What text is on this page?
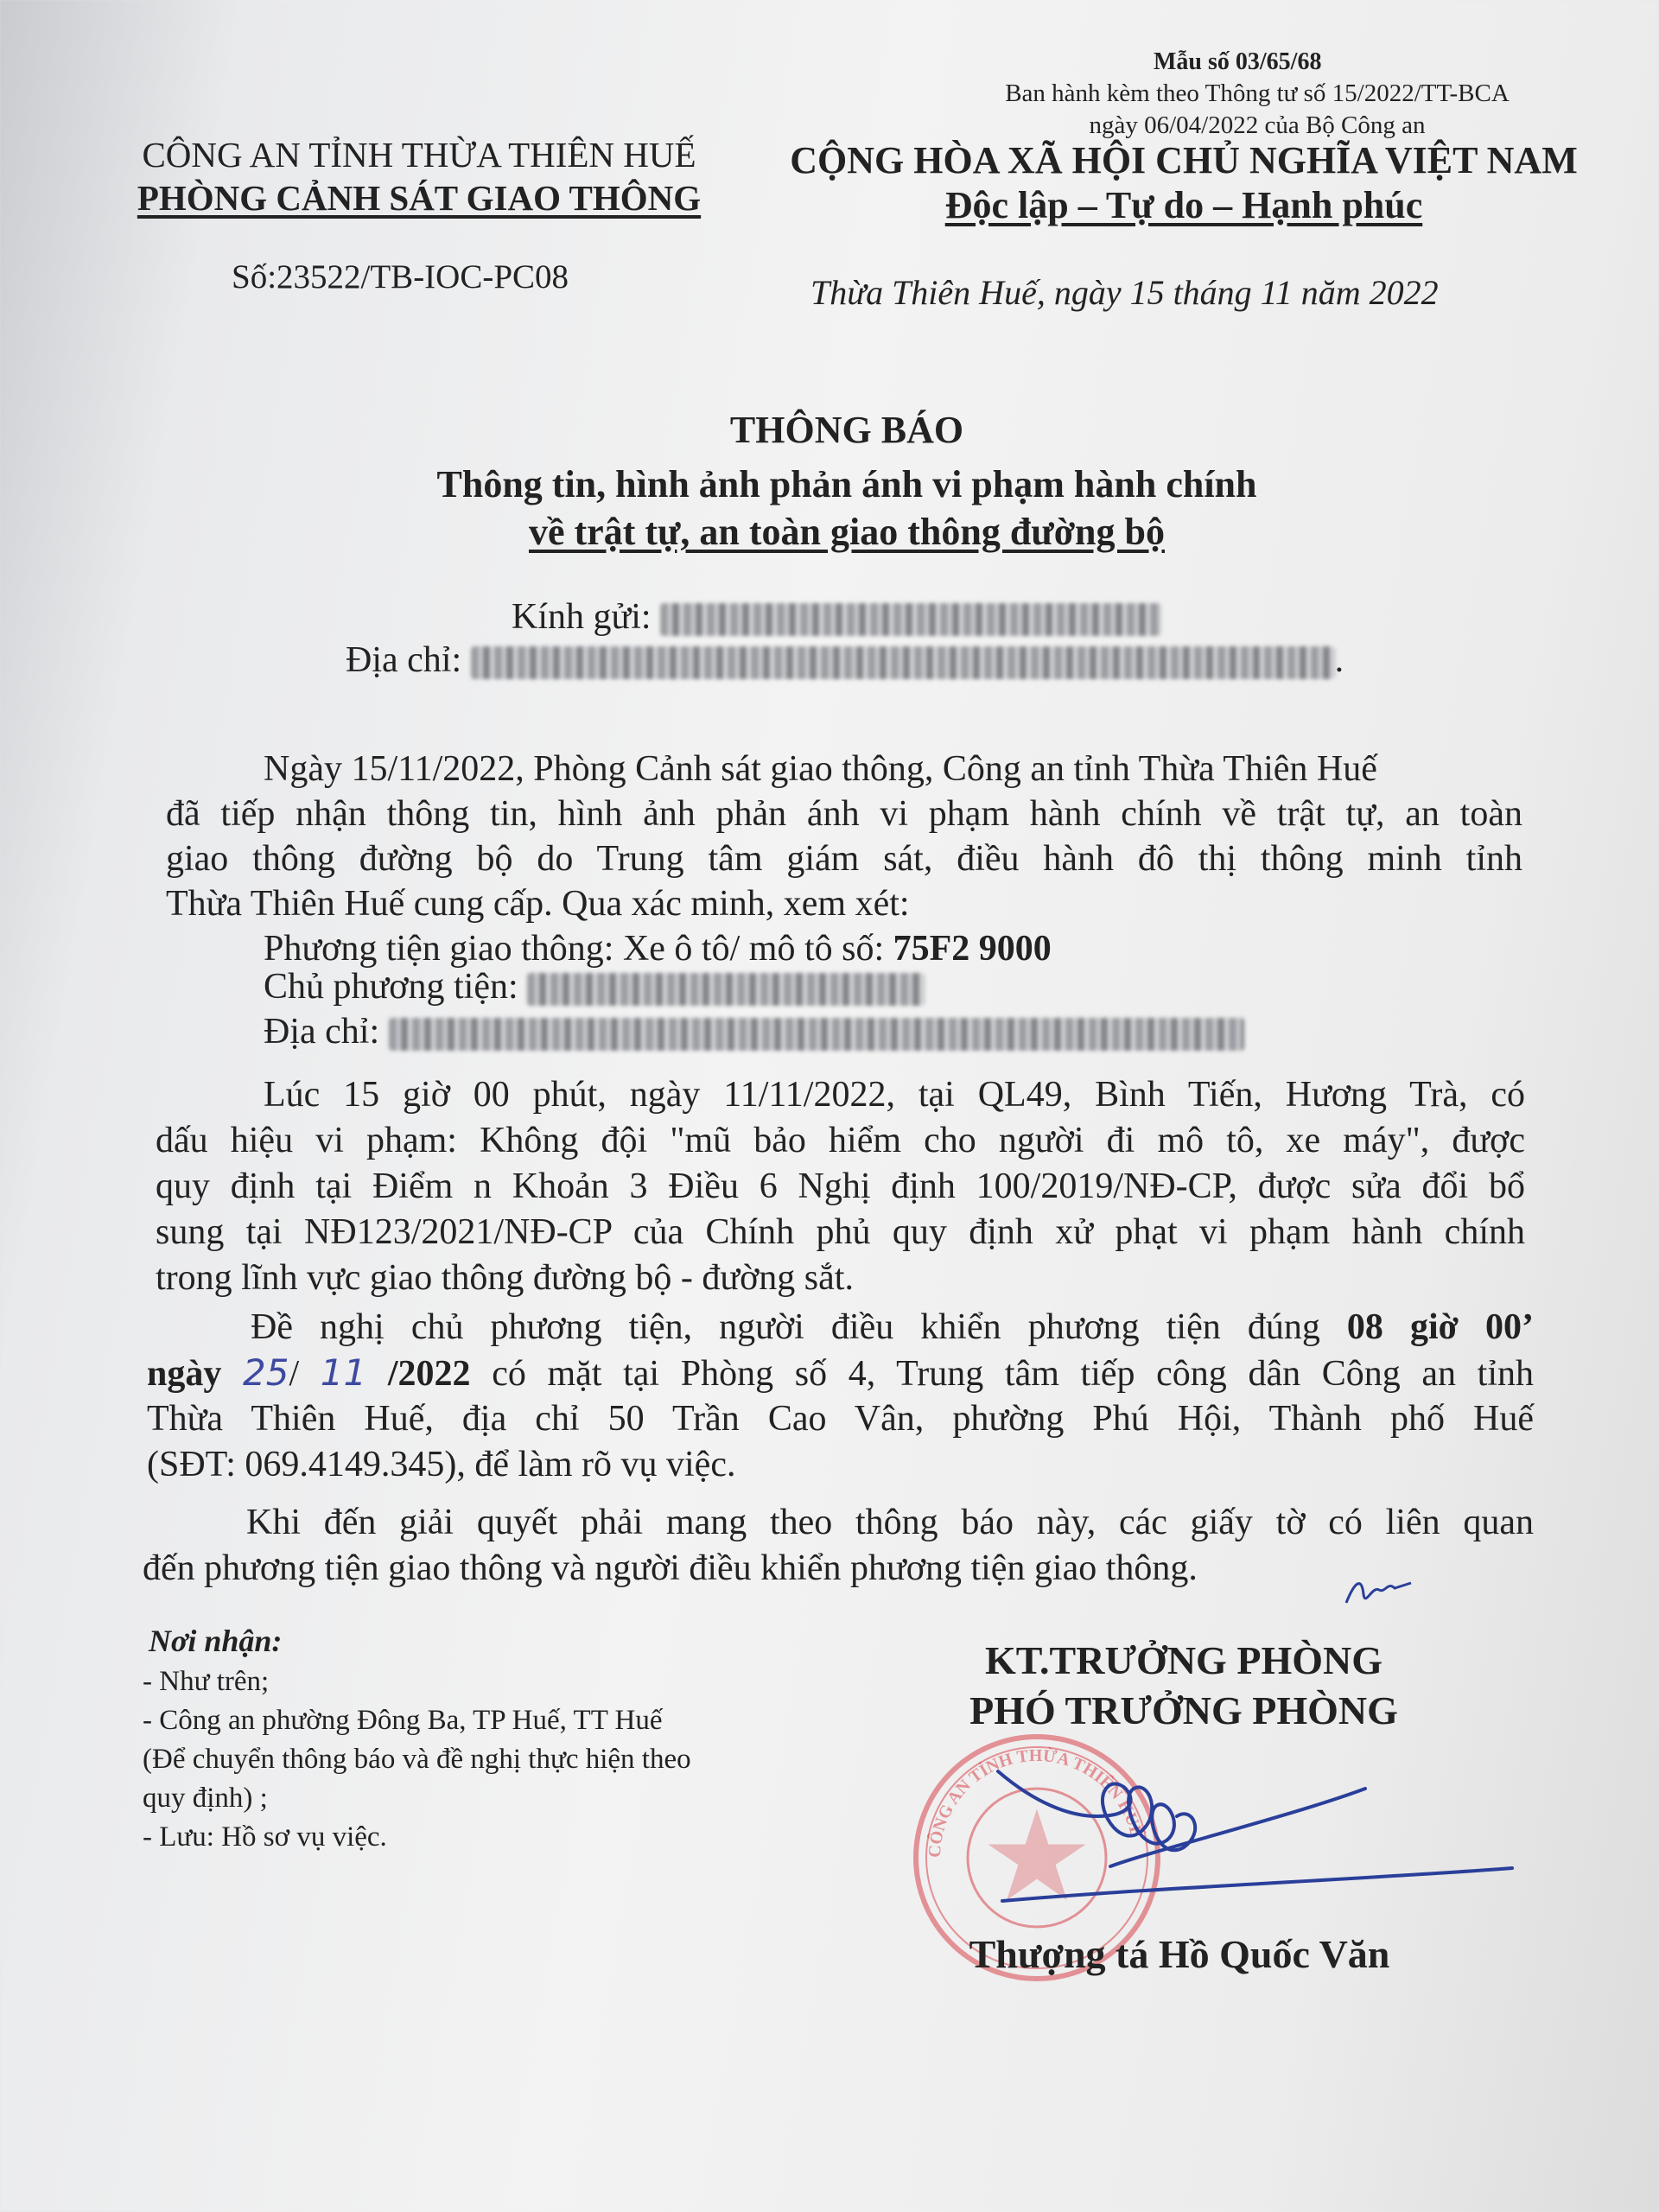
Mẫu số 03/65/68
Ban hành kèm theo Thông tư số 15/2022/TT-BCA
ngày 06/04/2022 của Bộ Công an
CÔNG AN TỈNH THỪA THIÊN HUẾ
PHÒNG CẢNH SÁT GIAO THÔNG
CỘNG HÒA XÃ HỘI CHỦ NGHĨA VIỆT NAM
Độc lập – Tự do – Hạnh phúc
Số:23522/TB-IOC-PC08	Thừa Thiên Huế, ngày 15 tháng 11 năm 2022
THÔNG BÁO
Thông tin, hình ảnh phản ánh vi phạm hành chính
về trật tự, an toàn giao thông đường bộ
Kính gửi:
Địa chỉ:	.
Ngày 15/11/2022, Phòng Cảnh sát giao thông, Công an tỉnh Thừa Thiên Huế
đã tiếp nhận thông tin, hình ảnh phản ánh vi phạm hành chính về trật tự, an toàn
giao thông đường bộ do Trung tâm giám sát, điều hành đô thị thông minh tỉnh
Thừa Thiên Huế cung cấp. Qua xác minh, xem xét:
Phương tiện giao thông: Xe ô tô/ mô tô số: 75F2 9000
Chủ phương tiện:
Địa chỉ:
Lúc 15 giờ 00 phút, ngày 11/11/2022, tại QL49, Bình Tiến, Hương Trà, có
dấu hiệu vi phạm: Không đội "mũ bảo hiểm cho người đi mô tô, xe máy", được
quy định tại Điểm n Khoản 3 Điều 6 Nghị định 100/2019/NĐ-CP, được sửa đổi bổ
sung tại NĐ123/2021/NĐ-CP của Chính phủ quy định xử phạt vi phạm hành chính
trong lĩnh vực giao thông đường bộ - đường sắt.
Đề nghị chủ phương tiện, người điều khiển phương tiện đúng 08 giờ 00’
ngày 25/ 11 /2022 có mặt tại Phòng số 4, Trung tâm tiếp công dân Công an tỉnh
Thừa Thiên Huế, địa chỉ 50 Trần Cao Vân, phường Phú Hội, Thành phố Huế
(SĐT: 069.4149.345), để làm rõ vụ việc.
Khi đến giải quyết phải mang theo thông báo này, các giấy tờ có liên quan
đến phương tiện giao thông và người điều khiển phương tiện giao thông.
Nơi nhận:
- Như trên;
- Công an phường Đông Ba, TP Huế, TT Huế
(Để chuyển thông báo và đề nghị thực hiện theo
quy định) ;
- Lưu: Hồ sơ vụ việc.
KT.TRƯỞNG PHÒNG
PHÓ TRƯỞNG PHÒNG
CÔNG AN TỈNH THỪA THIÊN HUẾ
Thượng tá Hồ Quốc Văn
